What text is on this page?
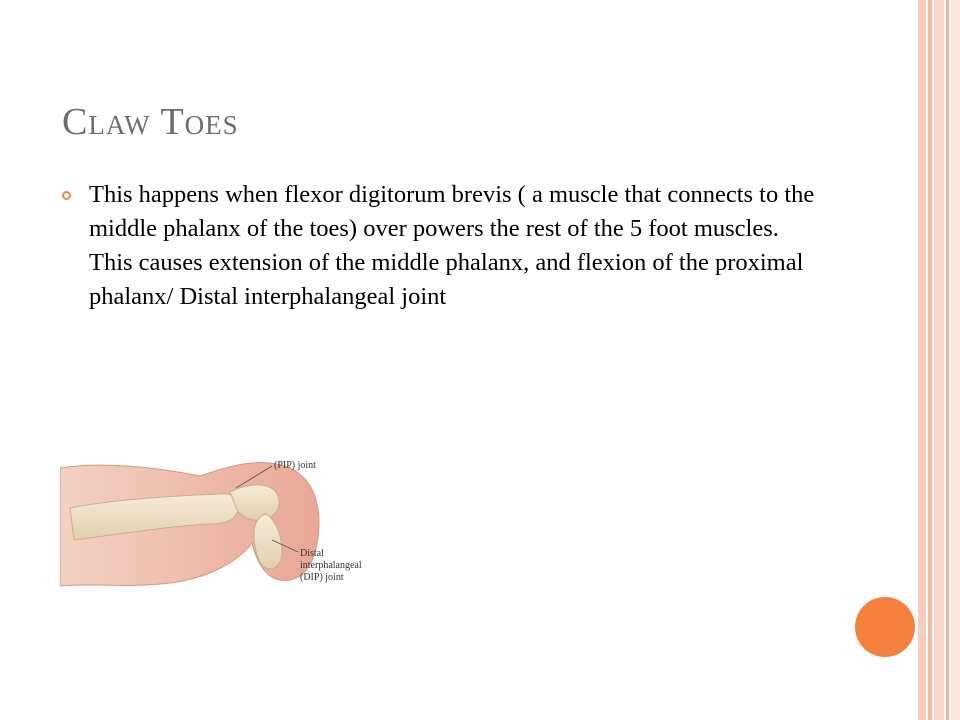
Claw Toes
This happens when flexor digitorum brevis ( a muscle that connects to the middle phalanx of the toes) over powers the rest of the 5 foot muscles. This causes extension of the middle phalanx, and flexion of the proximal phalanx/ Distal interphalangeal joint
(PIP) joint
Distal
interphalangeal
(DIP) joint
